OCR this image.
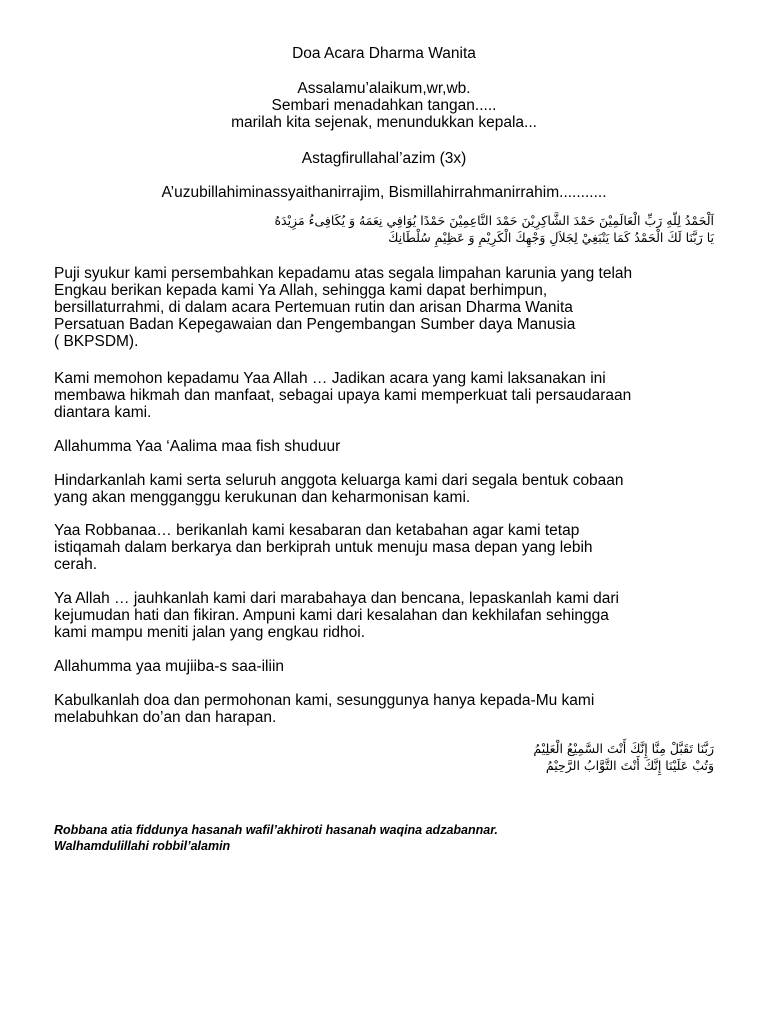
Doa Acara Dharma Wanita
Assalamu’alaikum,wr,wb.
Sembari menadahkan tangan.....
marilah kita sejenak, menundukkan kepala...
Astagfirullahal’azim (3x)
A’uzubillahiminassyaithanirrajim, Bismillahirrahmanirrahim...........
اَلْحَمْدُ لِلّهِ رَبِّ الْعَالَمِيْنَ حَمْدَ الشَّاكِرِيْنَ حَمْدَ النَّاعِمِيْنَ حَمْدًا يُوَافِي نِعَمَهُ وَ يُكَافِىءُ مَزِيْدَهُ
يَا رَبَّنَا لَكَ الْحَمْدُ كَمَا يَنْبَغِيْ لِجَلاَلِ وَجْهِكَ الْكَرِيْمِ وَ عَظِيْمِ سُلْطَانِكَ
Puji syukur kami persembahkan kepadamu atas segala limpahan karunia yang telah
Engkau berikan kepada kami Ya Allah, sehingga kami dapat berhimpun,
bersillaturrahmi, di dalam acara Pertemuan rutin dan arisan Dharma Wanita
Persatuan Badan Kepegawaian dan Pengembangan Sumber daya Manusia
( BKPSDM).
Kami memohon kepadamu Yaa Allah … Jadikan acara yang kami laksanakan ini
membawa hikmah dan manfaat, sebagai upaya kami memperkuat tali persaudaraan
diantara kami.
Allahumma Yaa ‘Aalima maa fish shuduur
Hindarkanlah kami serta seluruh anggota keluarga kami dari segala bentuk cobaan
yang akan mengganggu kerukunan dan keharmonisan kami.
Yaa Robbanaa… berikanlah kami kesabaran dan ketabahan agar kami tetap
istiqamah dalam berkarya dan berkiprah untuk menuju masa depan yang lebih
cerah.
Ya Allah … jauhkanlah kami dari marabahaya dan bencana, lepaskanlah kami dari
kejumudan hati dan fikiran. Ampuni kami dari kesalahan dan kekhilafan sehingga
kami mampu meniti jalan yang engkau ridhoi.
Allahumma yaa mujiiba-s saa-iliin
Kabulkanlah doa dan permohonan kami, sesunggunya hanya kepada-Mu kami
melabuhkan do’an dan harapan.
رَبَّنَا تَقَبَّلْ مِنَّا إِنَّكَ أَنْتَ السَّمِيْعُ الْعَلِيْمُ
وَتُبْ عَلَيْنَا إِنَّكَ أَنْتَ التَّوَّابُ الرَّحِيْمُ
Robbana atia fiddunya hasanah wafil’akhiroti hasanah waqina adzabannar.
Walhamdulillahi robbil’alamin
